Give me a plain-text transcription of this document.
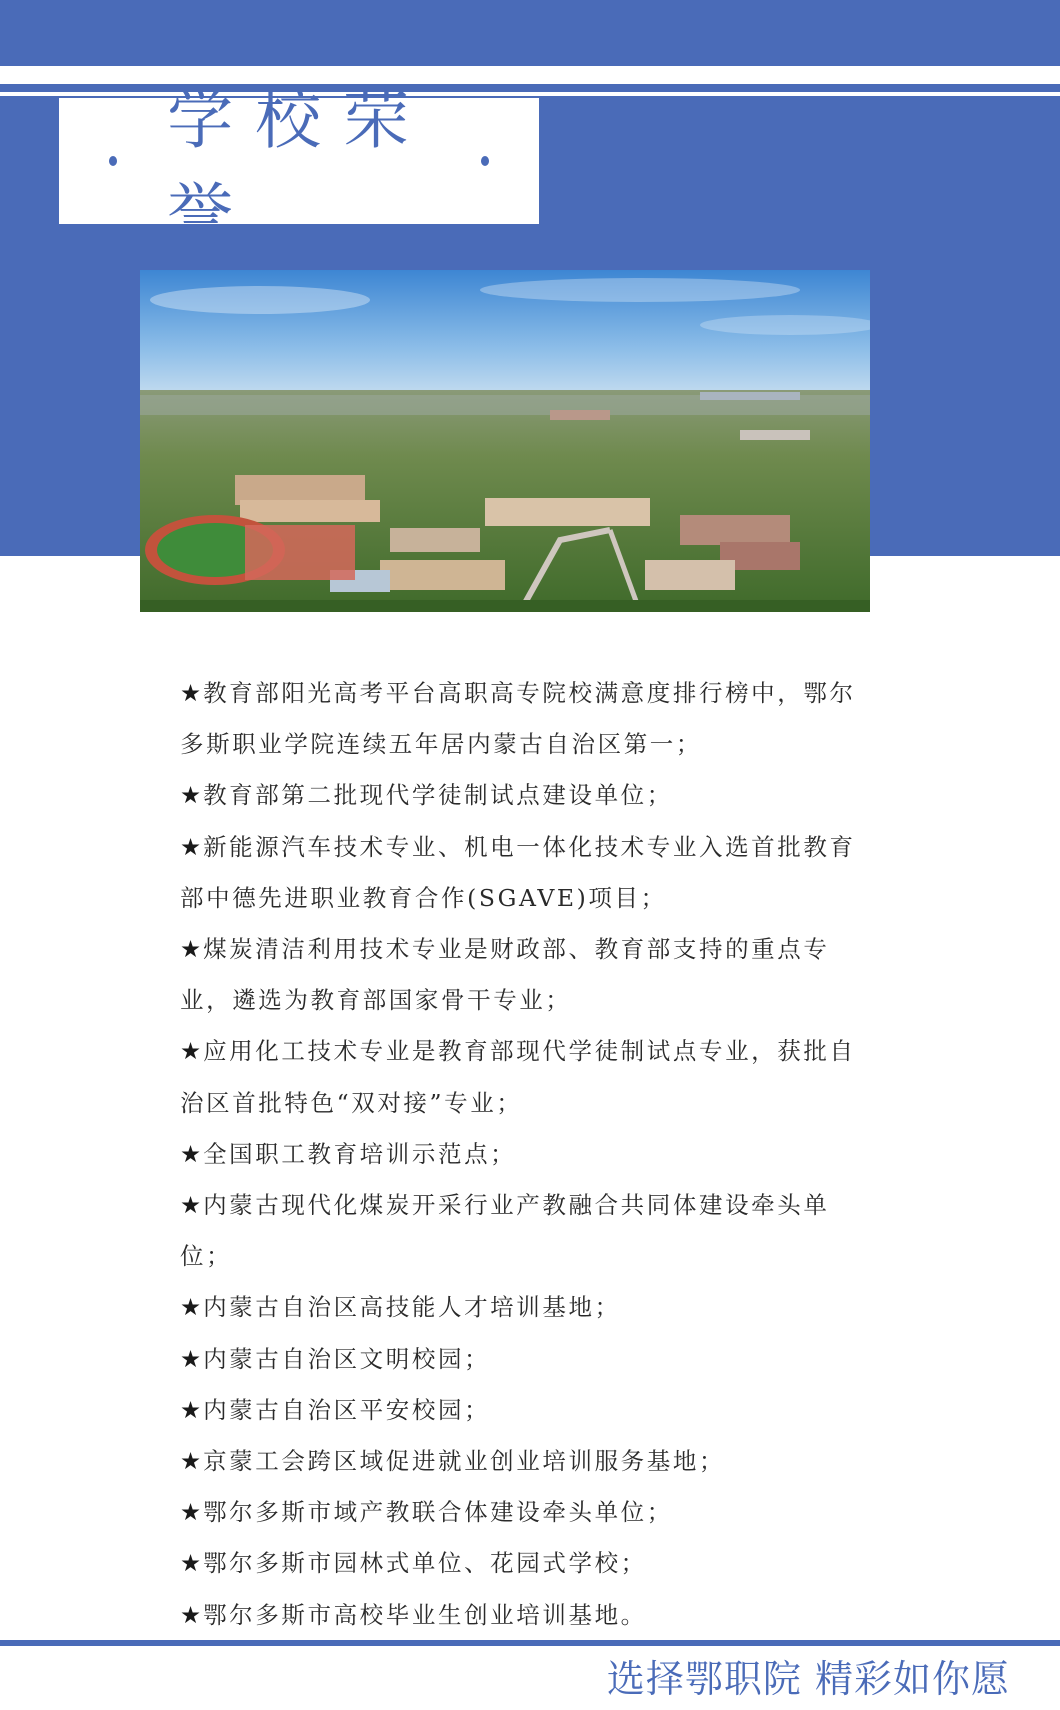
学校荣誉
★教育部阳光高考平台高职高专院校满意度排行榜中，鄂尔多斯职业学院连续五年居内蒙古自治区第一；
★教育部第二批现代学徒制试点建设单位；
★新能源汽车技术专业、机电一体化技术专业入选首批教育部中德先进职业教育合作(SGAVE)项目；
★煤炭清洁利用技术专业是财政部、教育部支持的重点专业，遴选为教育部国家骨干专业；
★应用化工技术专业是教育部现代学徒制试点专业，获批自治区首批特色“双对接”专业；
★全国职工教育培训示范点；
★内蒙古现代化煤炭开采行业产教融合共同体建设牵头单位；
★内蒙古自治区高技能人才培训基地；
★内蒙古自治区文明校园；
★内蒙古自治区平安校园；
★京蒙工会跨区域促进就业创业培训服务基地；
★鄂尔多斯市域产教联合体建设牵头单位；
★鄂尔多斯市园林式单位、花园式学校；
★鄂尔多斯市高校毕业生创业培训基地。
选择鄂职院 精彩如你愿
